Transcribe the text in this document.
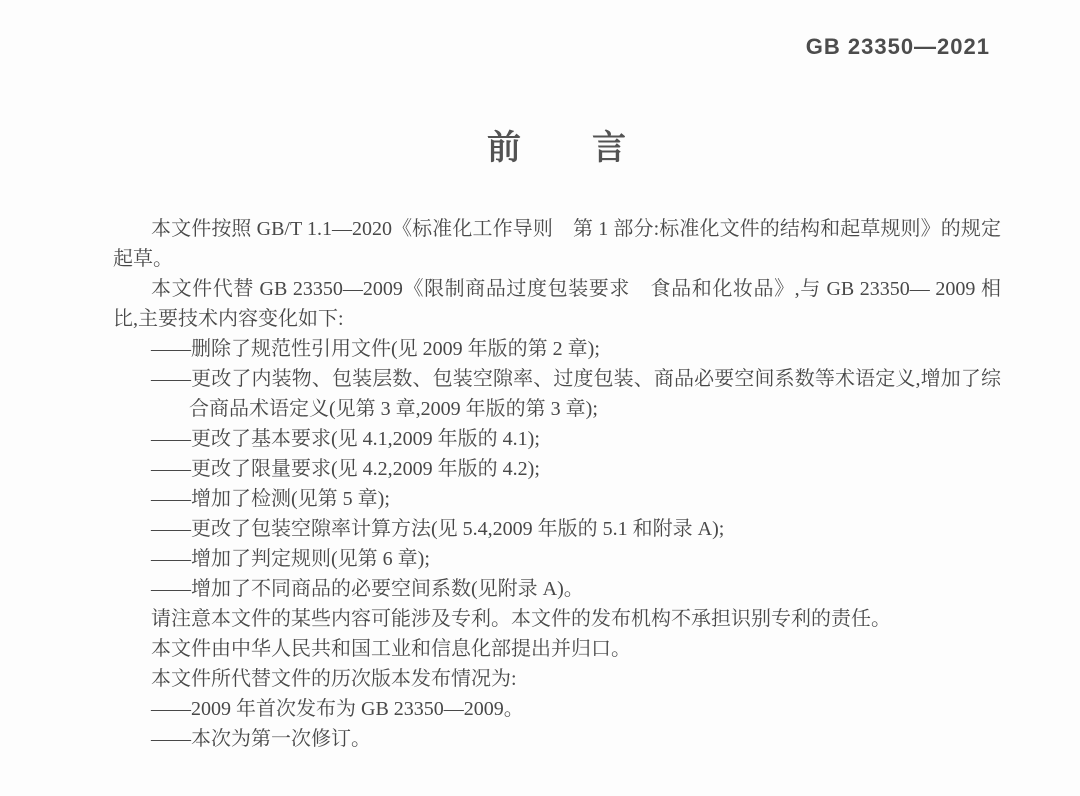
GB 23350—2021
前　　言
本文件按照 GB/T 1.1—2020《标准化工作导则　第 1 部分:标准化文件的结构和起草规则》的规定起草。
本文件代替 GB 23350—2009《限制商品过度包装要求　食品和化妆品》,与 GB 23350— 2009 相比,主要技术内容变化如下:
——删除了规范性引用文件(见 2009 年版的第 2 章);
——更改了内装物、包装层数、包装空隙率、过度包装、商品必要空间系数等术语定义,增加了综合商品术语定义(见第 3 章,2009 年版的第 3 章);
——更改了基本要求(见 4.1,2009 年版的 4.1);
——更改了限量要求(见 4.2,2009 年版的 4.2);
——增加了检测(见第 5 章);
——更改了包装空隙率计算方法(见 5.4,2009 年版的 5.1 和附录 A);
——增加了判定规则(见第 6 章);
——增加了不同商品的必要空间系数(见附录 A)。
请注意本文件的某些内容可能涉及专利。本文件的发布机构不承担识别专利的责任。
本文件由中华人民共和国工业和信息化部提出并归口。
本文件所代替文件的历次版本发布情况为:
——2009 年首次发布为 GB 23350—2009。
——本次为第一次修订。
